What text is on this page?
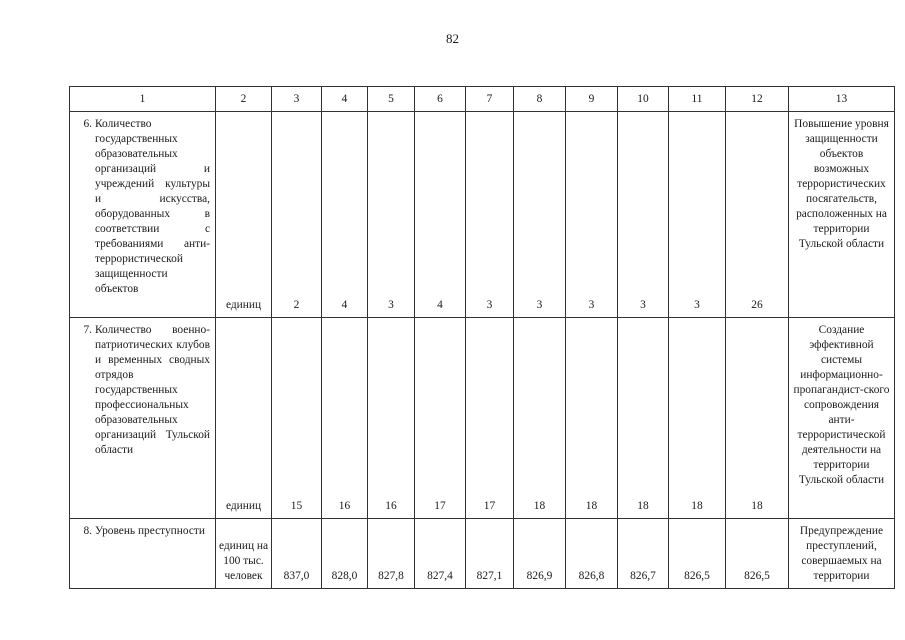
82
1	2	3	4	5	6	7	8	9	10	11	12	13

6. Количество государственных образовательных организаций и учреждений культуры и искусства, оборудованных в соответствии с требованиями анти-террористической защищенности объектов	единиц	2	4	3	4	3	3	3	3	3	26	Повышение уровня защищенности объектов возможных террористических посягательств, расположенных на территории Тульской области

7. Количество военно-патриотических клубов и временных сводных отрядов государственных профессиональных образовательных организаций Тульской области	единиц	15	16	16	17	17	18	18	18	18	18	Создание эффективной системы информационно-пропагандист-ского сопровождения анти-террористической деятельности на территории Тульской области

8. Уровень преступности	единиц на 100 тыс. человек	837,0	828,0	827,8	827,4	827,1	826,9	826,8	826,7	826,5	826,5	Предупреждение преступлений, совершаемых на территории
